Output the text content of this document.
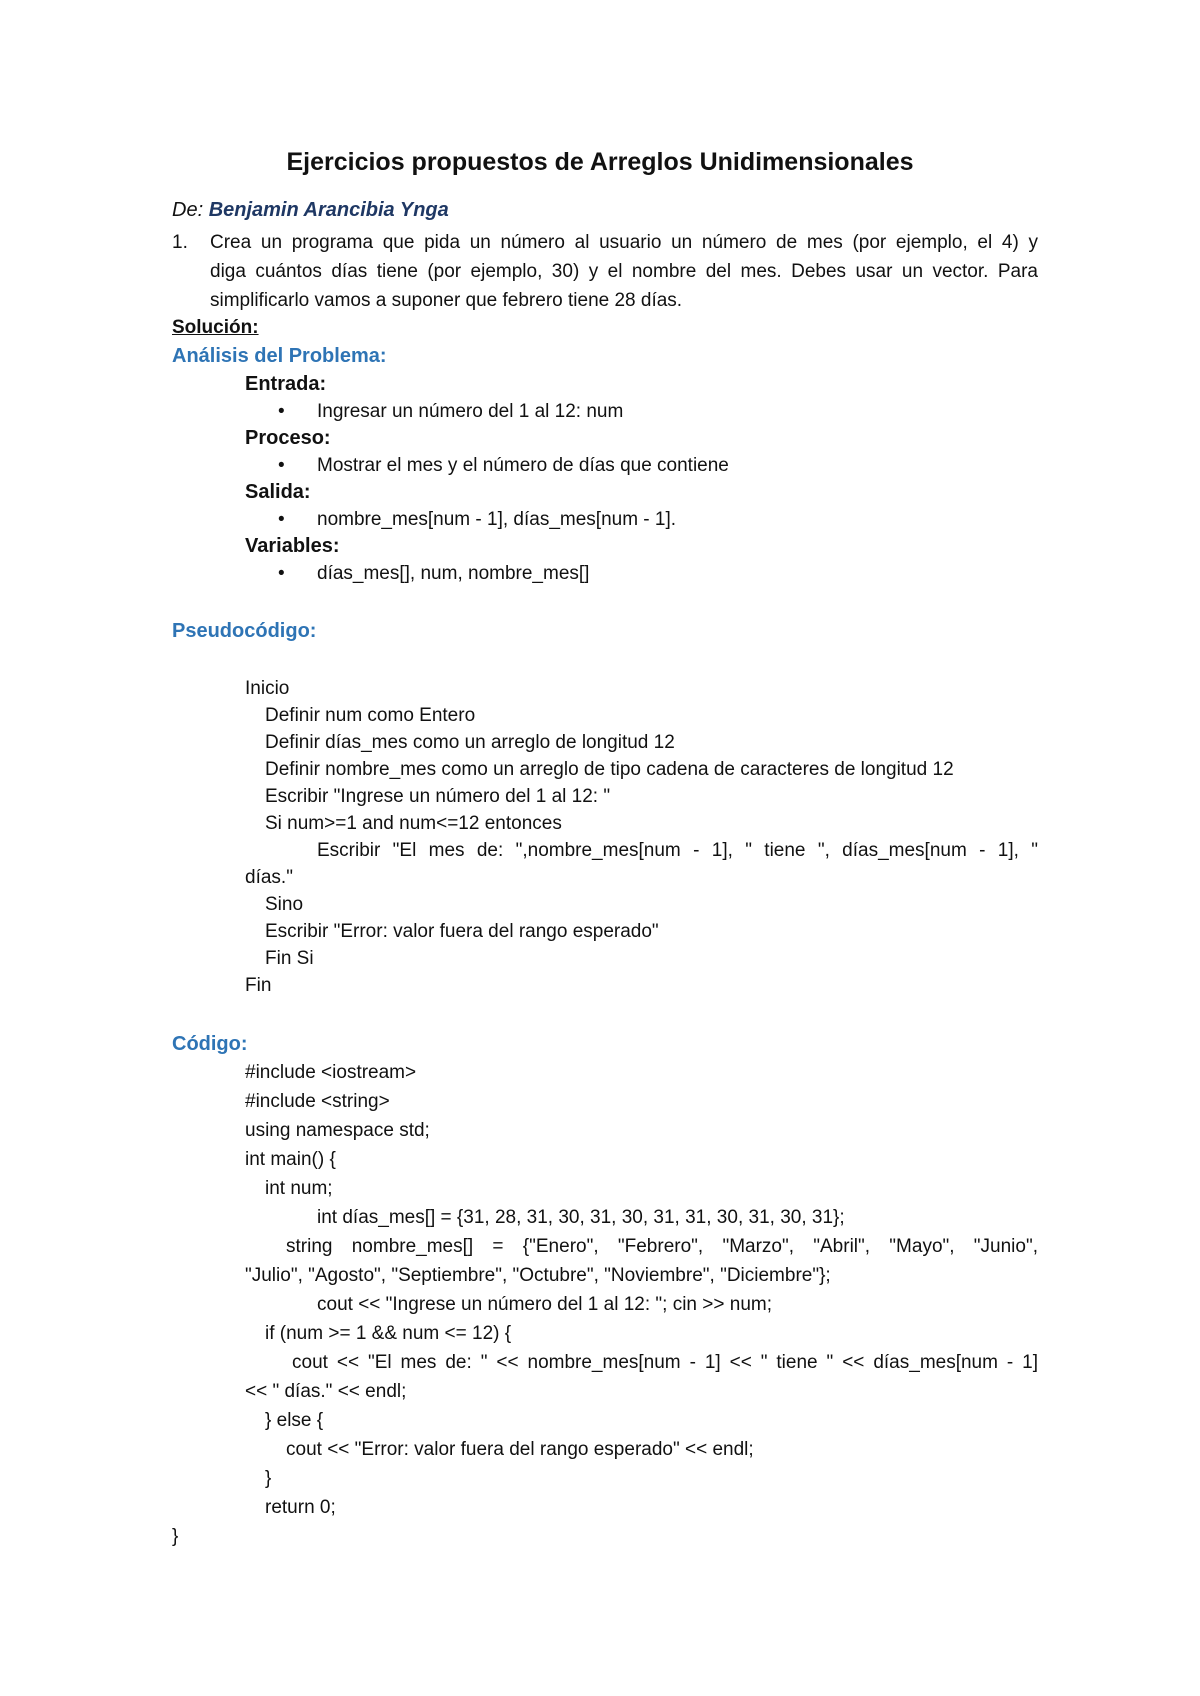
Ejercicios propuestos de Arreglos Unidimensionales
De: Benjamin Arancibia Ynga
1. Crea un programa que pida un número al usuario un número de mes (por ejemplo, el 4) y
diga cuántos días tiene (por ejemplo, 30) y el nombre del mes. Debes usar un vector. Para
simplificarlo vamos a suponer que febrero tiene 28 días.
Solución:
Análisis del Problema:
Entrada:
• Ingresar un número del 1 al 12: num
Proceso:
• Mostrar el mes y el número de días que contiene
Salida:
• nombre_mes[num - 1], días_mes[num - 1].
Variables:
• días_mes[], num, nombre_mes[]
Pseudocódigo:
Inicio
Definir num como Entero
Definir días_mes como un arreglo de longitud 12
Definir nombre_mes como un arreglo de tipo cadena de caracteres de longitud 12
Escribir "Ingrese un número del 1 al 12: "
Si num>=1 and num<=12 entonces
Escribir "El mes de: ",nombre_mes[num - 1], " tiene ", días_mes[num - 1], "
días."
Sino
Escribir "Error: valor fuera del rango esperado"
Fin Si
Fin
Código:
#include <iostream>
#include <string>
using namespace std;
int main() {
int num;
int días_mes[] = {31, 28, 31, 30, 31, 30, 31, 31, 30, 31, 30, 31};
string nombre_mes[] = {"Enero", "Febrero", "Marzo", "Abril", "Mayo", "Junio",
"Julio", "Agosto", "Septiembre", "Octubre", "Noviembre", "Diciembre"};
cout << "Ingrese un número del 1 al 12: "; cin >> num;
if (num >= 1 && num <= 12) {
cout << "El mes de: " << nombre_mes[num - 1] << " tiene " << días_mes[num - 1]
<< " días." << endl;
} else {
cout << "Error: valor fuera del rango esperado" << endl;
}
return 0;
}
